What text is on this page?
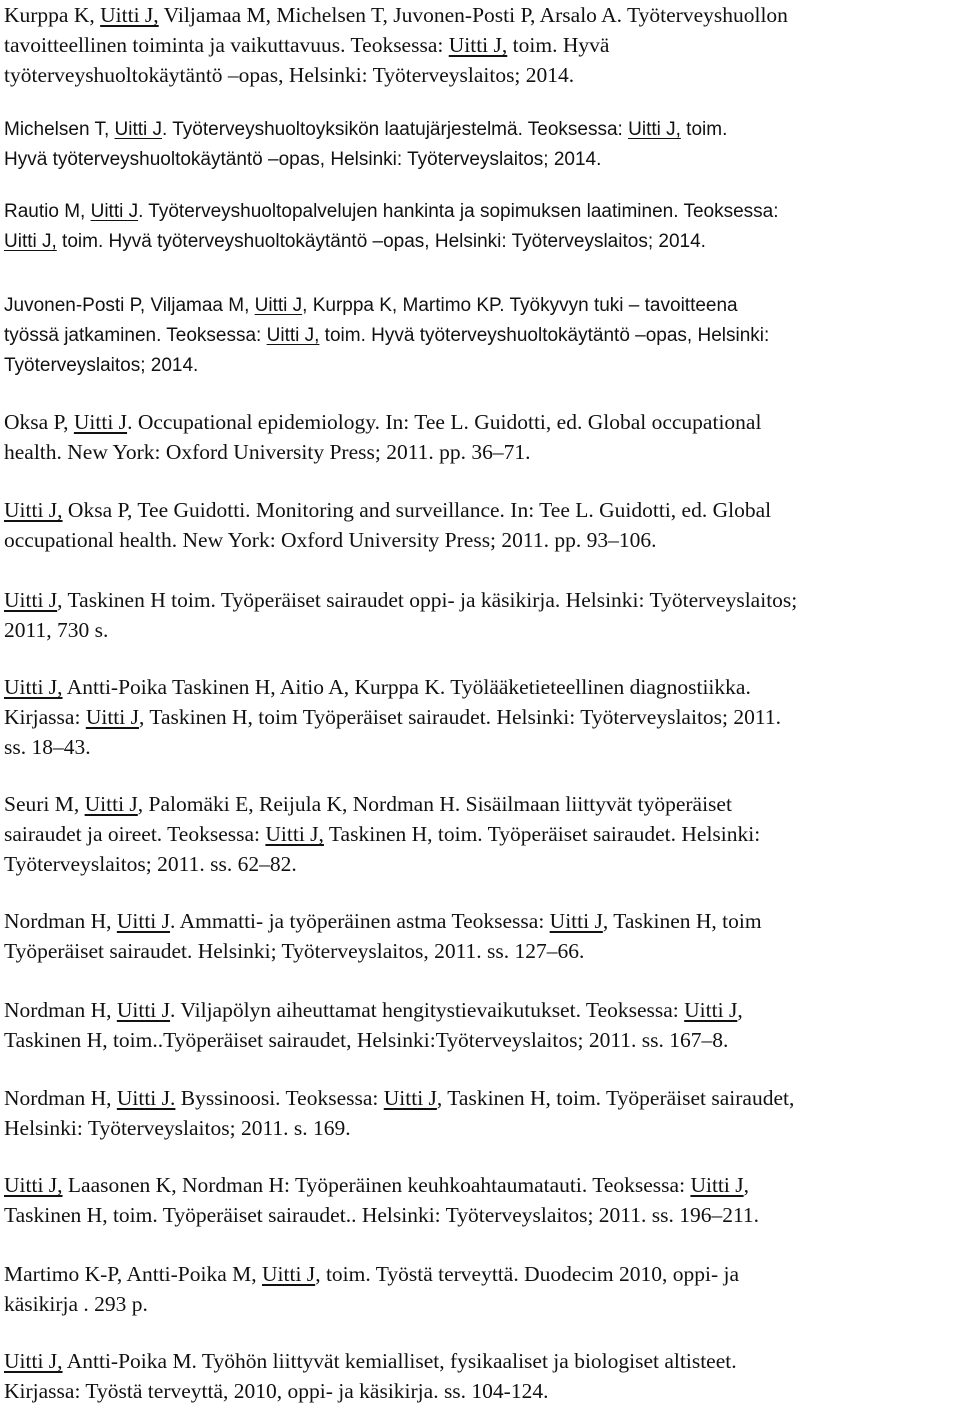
Kurppa K, Uitti J, Viljamaa M, Michelsen T, Juvonen-Posti P, Arsalo A. Työterveyshuollon
tavoitteellinen toiminta ja vaikuttavuus. Teoksessa: Uitti J, toim. Hyvä
työterveyshuoltokäytäntö –opas, Helsinki: Työterveyslaitos; 2014.
Michelsen T, Uitti J. Työterveyshuoltoyksikön laatujärjestelmä. Teoksessa: Uitti J, toim.
Hyvä työterveyshuoltokäytäntö –opas, Helsinki: Työterveyslaitos; 2014.
Rautio M, Uitti J. Työterveyshuoltopalvelujen hankinta ja sopimuksen laatiminen. Teoksessa:
Uitti J, toim. Hyvä työterveyshuoltokäytäntö –opas, Helsinki: Työterveyslaitos; 2014.
Juvonen-Posti P, Viljamaa M, Uitti J, Kurppa K, Martimo KP. Työkyvyn tuki – tavoitteena
työssä jatkaminen. Teoksessa: Uitti J, toim. Hyvä työterveyshuoltokäytäntö –opas, Helsinki:
Työterveyslaitos; 2014.
Oksa P, Uitti J. Occupational epidemiology. In: Tee L. Guidotti, ed. Global occupational
health. New York: Oxford University Press; 2011. pp. 36–71.
Uitti J, Oksa P, Tee Guidotti. Monitoring and surveillance. In: Tee L. Guidotti, ed. Global
occupational health. New York: Oxford University Press; 2011. pp. 93–106.
Uitti J, Taskinen H toim. Työperäiset sairaudet oppi- ja käsikirja. Helsinki: Työterveyslaitos;
2011, 730 s.
Uitti J, Antti-Poika Taskinen H, Aitio A, Kurppa K. Työlääketieteellinen diagnostiikka.
Kirjassa: Uitti J, Taskinen H, toim Työperäiset sairaudet. Helsinki: Työterveyslaitos; 2011.
ss. 18–43.
Seuri M, Uitti J, Palomäki E, Reijula K, Nordman H. Sisäilmaan liittyvät työperäiset
sairaudet ja oireet. Teoksessa: Uitti J, Taskinen H, toim. Työperäiset sairaudet. Helsinki:
Työterveyslaitos; 2011. ss. 62–82.
Nordman H, Uitti J. Ammatti- ja työperäinen astma Teoksessa: Uitti J, Taskinen H, toim
Työperäiset sairaudet. Helsinki; Työterveyslaitos, 2011. ss. 127–66.
Nordman H, Uitti J. Viljapölyn aiheuttamat hengitystievaikutukset. Teoksessa: Uitti J,
Taskinen H, toim..Työperäiset sairaudet, Helsinki:Työterveyslaitos; 2011. ss. 167–8.
Nordman H, Uitti J. Byssinoosi. Teoksessa: Uitti J, Taskinen H, toim. Työperäiset sairaudet,
Helsinki: Työterveyslaitos; 2011. s. 169.
Uitti J, Laasonen K, Nordman H: Työperäinen keuhkoahtaumatauti. Teoksessa: Uitti J,
Taskinen H, toim. Työperäiset sairaudet.. Helsinki: Työterveyslaitos; 2011. ss. 196–211.
Martimo K-P, Antti-Poika M, Uitti J, toim. Työstä terveyttä. Duodecim 2010, oppi- ja
käsikirja . 293 p.
Uitti J, Antti-Poika M. Työhön liittyvät kemialliset, fysikaaliset ja biologiset altisteet.
Kirjassa: Työstä terveyttä, 2010, oppi- ja käsikirja. ss. 104-124.
